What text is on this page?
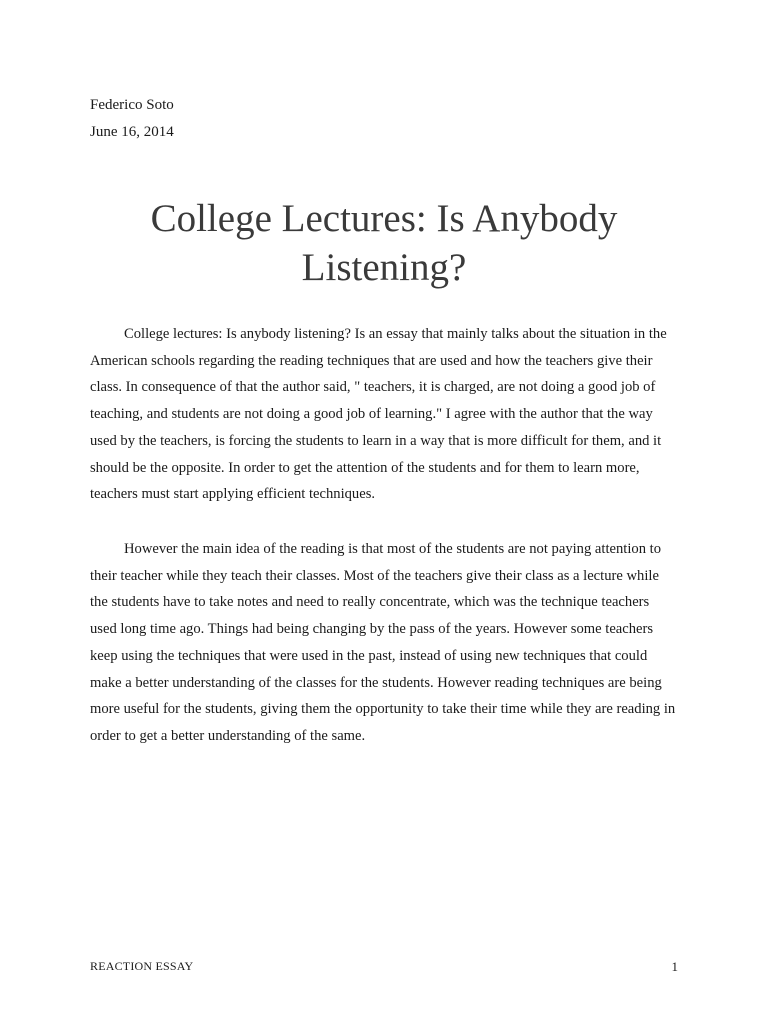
Federico Soto
June 16, 2014
College Lectures: Is Anybody Listening?

College lectures: Is anybody listening? Is an essay that mainly talks about the situation in the American schools regarding the reading techniques that are used and how the teachers give their class. In consequence of that the author said, " teachers, it is charged, are not doing a good job of teaching, and students are not doing a good job of learning." I agree with the author that the way used by the teachers, is forcing the students to learn in a way that is more difficult for them, and it should be the opposite. In order to get the attention of the students and for them to learn more, teachers must start applying efficient techniques.

However the main idea of the reading is that most of the students are not paying attention to their teacher while they teach their classes. Most of the teachers give their class as a lecture while the students have to take notes and need to really concentrate, which was the technique teachers used long time ago. Things had being changing by the pass of the years. However some teachers keep using the techniques that were used in the past, instead of using new techniques that could make a better understanding of the classes for the students. However reading techniques are being more useful for the students, giving them the opportunity to take their time while they are reading in order to get a better understanding of the same.

REACTION ESSAY	1
